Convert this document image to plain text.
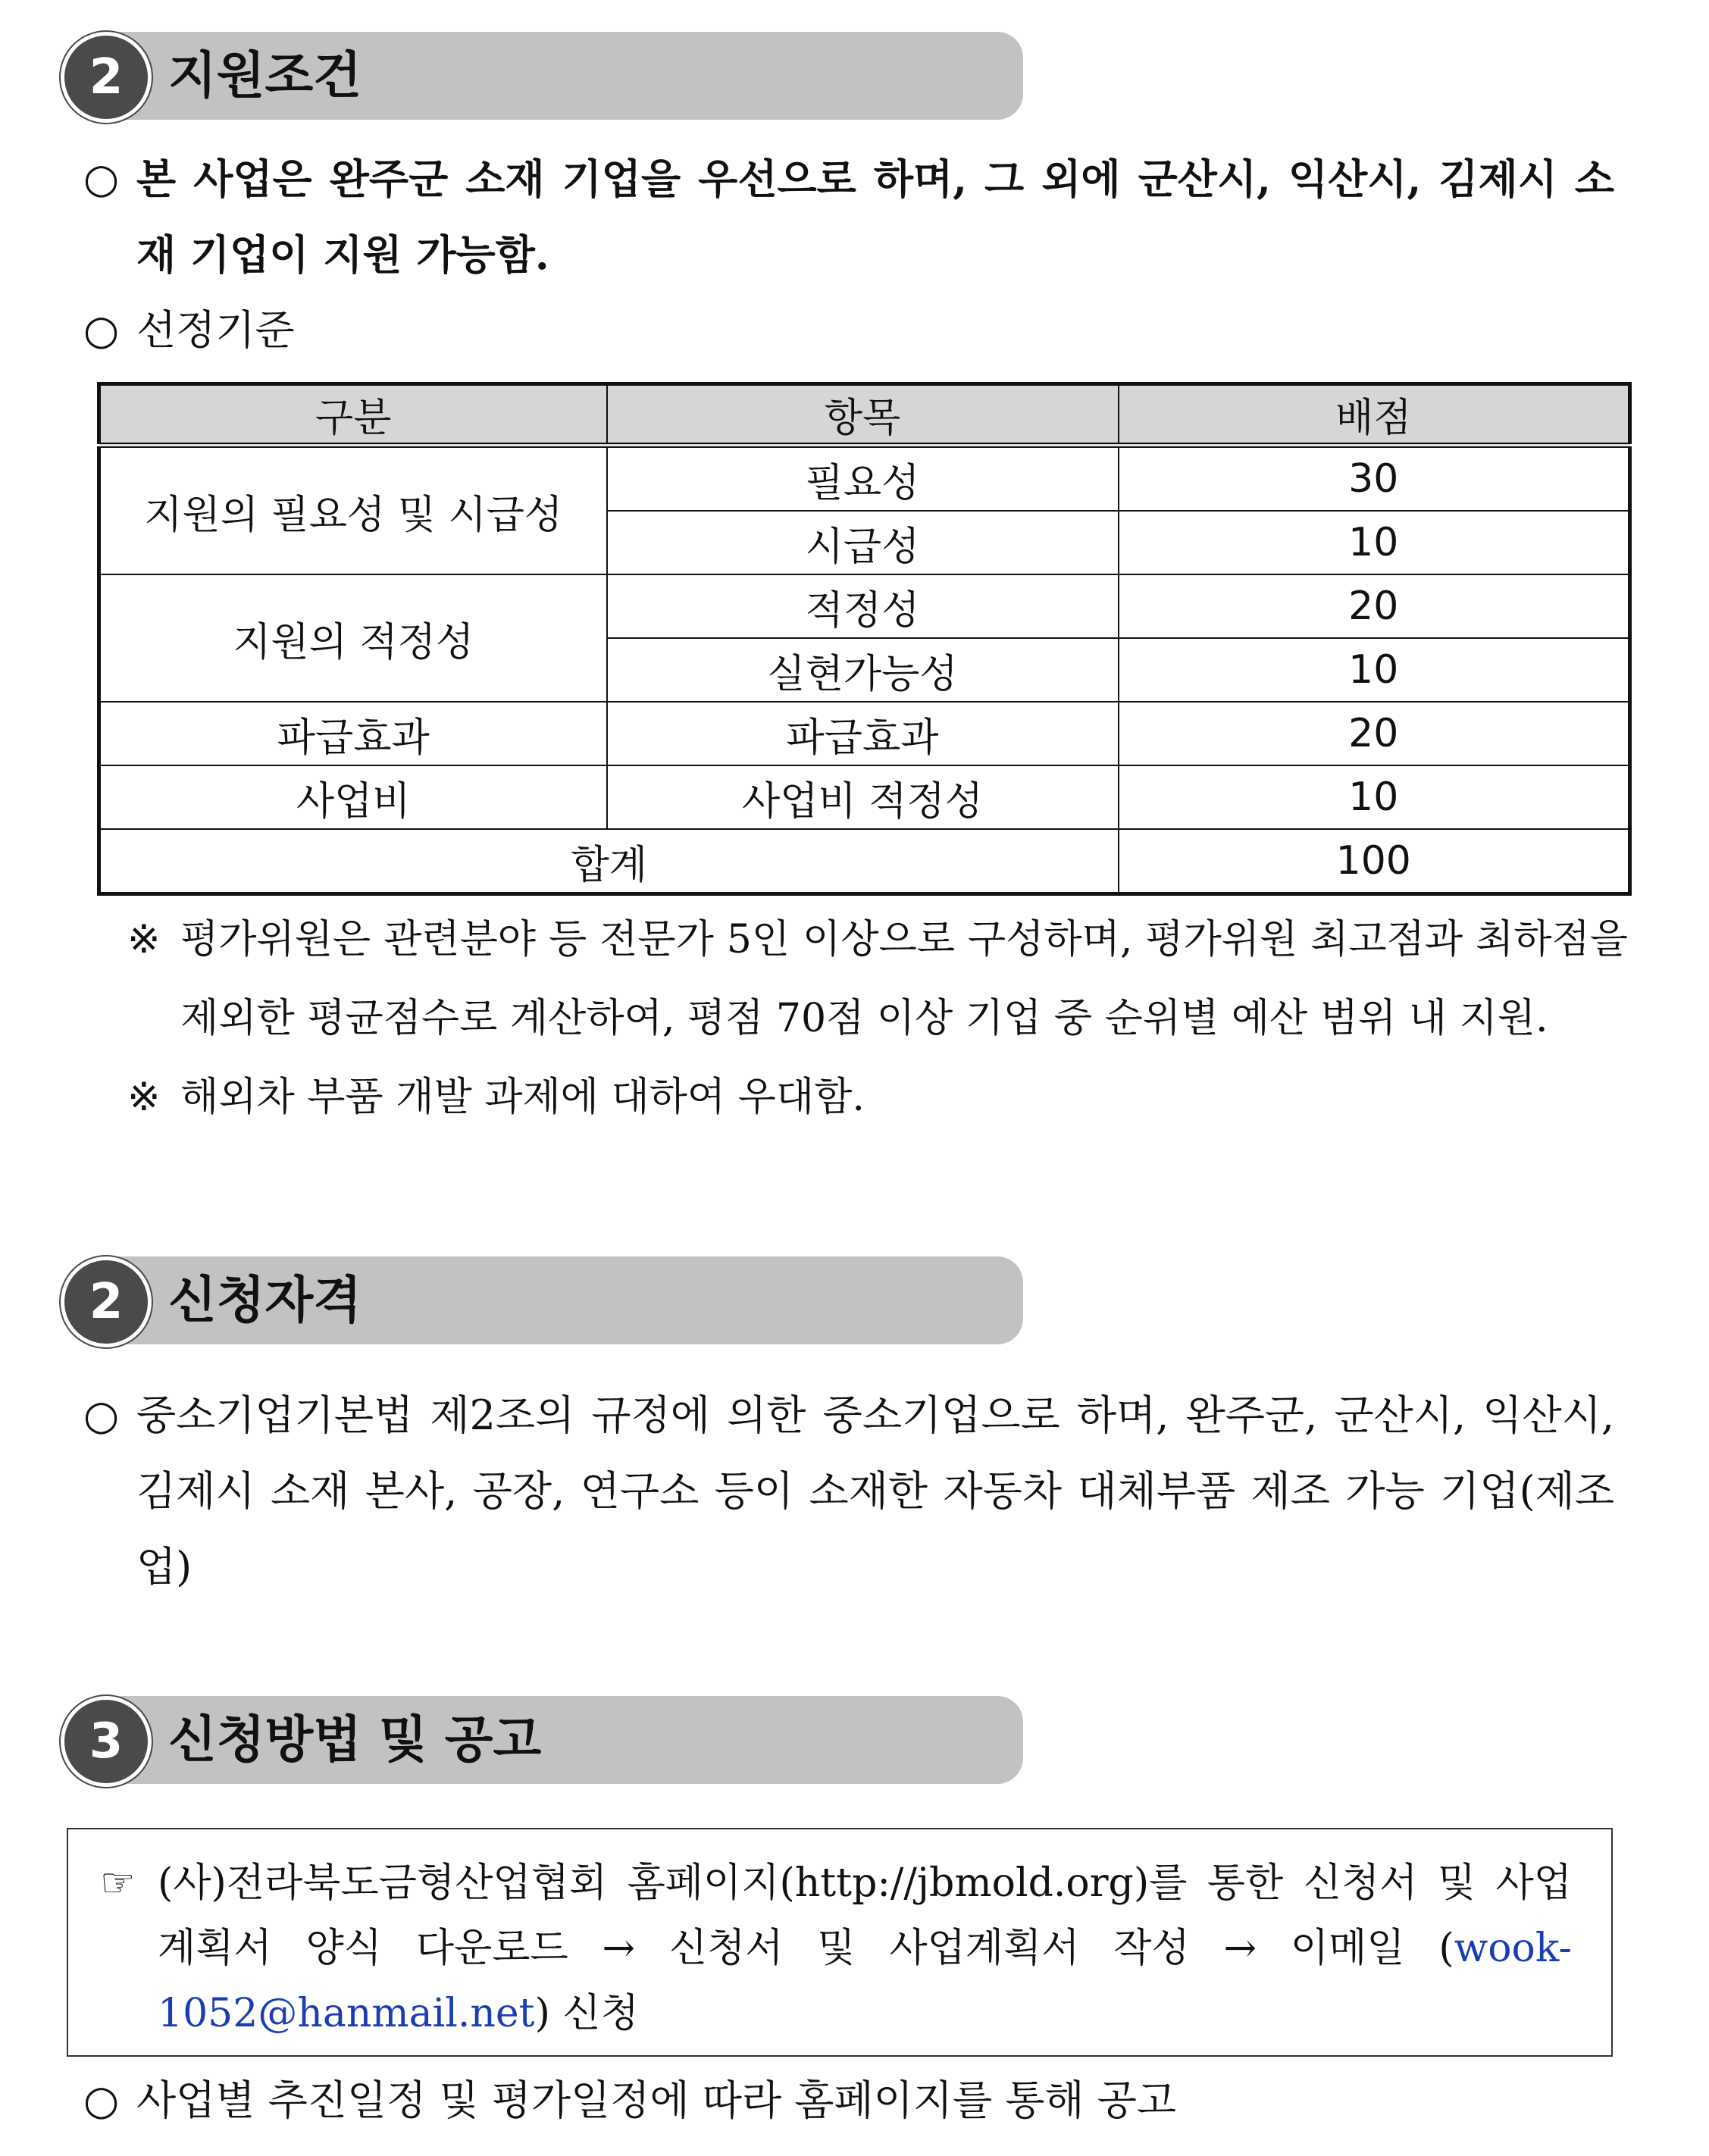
2 지원조건
○ 본 사업은 완주군 소재 기업을 우선으로 하며, 그 외에 군산시, 익산시, 김제시 소재 기업이 지원 가능함.
○ 선정기준
구분	항목	배점
지원의 필요성 및 시급성	필요성	30
	시급성	10
지원의 적정성	적정성	20
	실현가능성	10
파급효과	파급효과	20
사업비	사업비 적정성	10
합계		100
※ 평가위원은 관련분야 등 전문가 5인 이상으로 구성하며, 평가위원 최고점과 최하점을 제외한 평균점수로 계산하여, 평점 70점 이상 기업 중 순위별 예산 범위 내 지원.
※ 해외차 부품 개발 과제에 대하여 우대함.
2 신청자격
○ 중소기업기본법 제2조의 규정에 의한 중소기업으로 하며, 완주군, 군산시, 익산시, 김제시 소재 본사, 공장, 연구소 등이 소재한 자동차 대체부품 제조 가능 기업(제조업)
3 신청방법 및 공고
☞ (사)전라북도금형산업협회 홈페이지(http://jbmold.org)를 통한 신청서 및 사업계획서 양식 다운로드 → 신청서 및 사업계획서 작성 → 이메일 (wook-1052@hanmail.net) 신청
○ 사업별 추진일정 및 평가일정에 따라 홈페이지를 통해 공고
